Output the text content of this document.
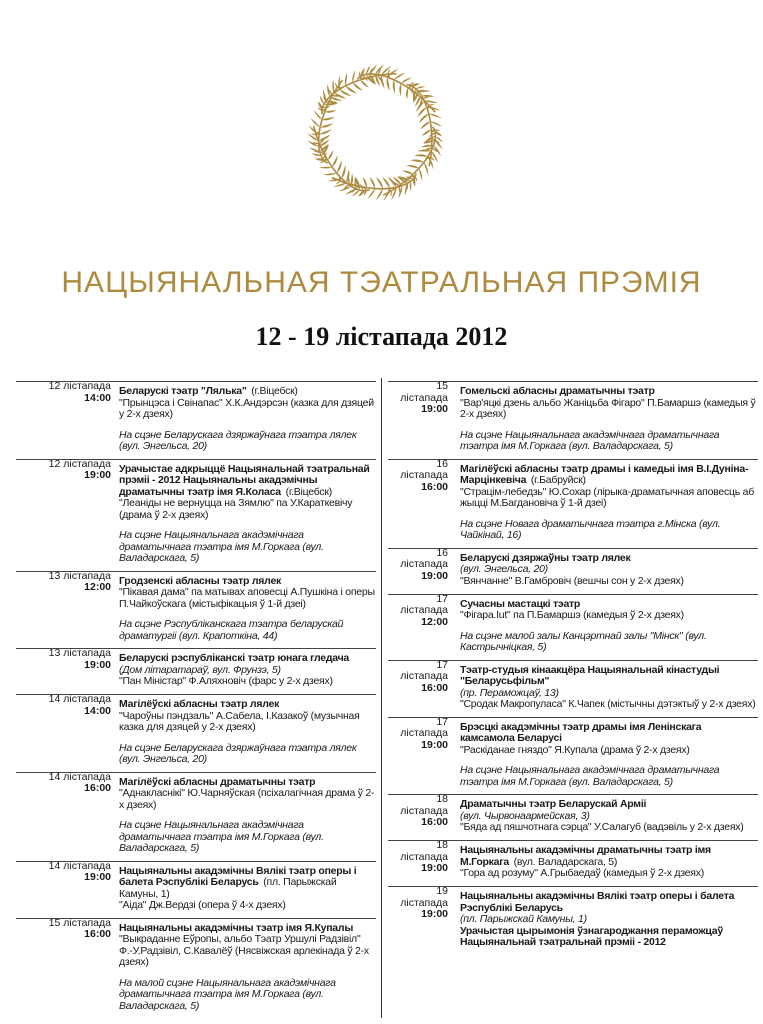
НАЦЫЯНАЛЬНАЯ ТЭАТРАЛЬНАЯ ПРЭМІЯ
12 - 19 лістапада 2012
12 лістапада
14:00
Беларускі тэатр "Лялька" (г.Віцебск)
"Прынцэса і Свінапас" Х.К.Андэрсэн (казка для дзяцей у 2-х дзеях)
На сцэне Беларускага дзяржаўнага тэатра лялек (вул. Энгельса, 20)
12 лістапада
19:00
Урачыстае адкрыццё Нацыянальнай тэатральнай прэміі - 2012 Нацыянальны акадэмічны драматычны тэатр імя Я.Коласа (г.Віцебск)
"Леаніды не вернуцца на Зямлю" па У.Караткевічу (драма ў 2-х дзеях)
На сцэне Нацыянальнага акадэмічнага драматычнага тэатра імя М.Горкага (вул. Валадарскага, 5)
13 лістапада
12:00
Гродзенскі абласны тэатр лялек
"Пікавая дама" па матывах аповесці А.Пушкіна і оперы П.Чайкоўскага (містыфікацыя ў 1-й дзеі)
На сцэне Рэспубліканскага тэатра беларускай драматургіі (вул. Крапоткіна, 44)
13 лістапада
19:00
Беларускі рэспубліканскі тэатр юнага гледача
(Дом літаратараў, вул. Фрунзэ, 5)
"Пан Міністар" Ф.Аляхновіч (фарс у 2-х дзеях)
14 лістапада
14:00
Магілёўскі абласны тэатр лялек
"Чароўны пэндзаль" А.Сабела, І.Казакоў (музычная казка для дзяцей у 2-х дзеях)
На сцэне Беларускага дзяржаўнага тэатра лялек (вул. Энгельса, 20)
14 лістапада
16:00
Магілёўскі абласны драматычны тэатр
"Аднакласнікі" Ю.Чарняўская (псіхалагічная драма ў 2-х дзеях)
На сцэне Нацыянальнага акадэмічнага драматычнага тэатра імя М.Горкага (вул. Валадарскага, 5)
14 лістапада
19:00
Нацыянальны акадэмічны Вялікі тэатр оперы і балета Рэспублікі Беларусь (пл. Парыжскай Камуны, 1)
"Аіда" Дж.Вердзі (опера ў 4-х дзеях)
15 лістапада
16:00
Нацыянальны акадэмічны тэатр імя Я.Купалы
"Выкраданне Еўропы, альбо Тэатр Уршулі Радзівіл" Ф.-У.Радзівіл, С.Кавалёў (Нясвіжская арлекінада ў 2-х дзеях)
На малой сцэне Нацыянальнага акадэмічнага драматычнага тэатра імя М.Горкага (вул. Валадарскага, 5)
15 лістапада
19:00
Гомельскі абласны драматычны тэатр
"Вар'яцкі дзень альбо Жаніцьба Фігаро" П.Бамаршэ (камедыя ў 2-х дзеях)
На сцэне Нацыянальнага акадэмічнага драматычнага тэатра імя М.Горкага (вул. Валадарскага, 5)
16 лістапада
16:00
Магілёўскі абласны тэатр драмы і камедыі імя В.І.Дуніна-Марцінкевіча (г.Бабруйск)
"Страцім-лебедзь" Ю.Сохар (лірыка-драматычная аповесць аб жыцці М.Багдановіча ў 1-й дзеі)
На сцэне Новага драматычнага тэатра г.Мінска (вул. Чайкінай, 16)
16 лістапада
19:00
Беларускі дзяржаўны тэатр лялек
(вул. Энгельса, 20)
"Вянчанне" В.Гамбровіч (вешчы сон у 2-х дзеях)
17 лістапада
12:00
Сучасны мастацкі тэатр
"Фігара.Іut" па П.Бамаршэ (камедыя ў 2-х дзеях)
На сцэне малой залы Канцэртнай залы "Мінск" (вул. Кастрычніцкая, 5)
17 лістапада
16:00
Тэатр-студыя кінаакцёра Нацыянальнай кінастудыі "Беларусьфільм"
(пр. Пераможцаў, 13)
"Сродак Макропуласа" К.Чапек (містычны дэтэктыў у 2-х дзеях)
17 лістапада
19:00
Брэсцкі акадэмічны тэатр драмы імя Ленінскага камсамола Беларусі
"Раскіданае гняздо" Я.Купала (драма ў 2-х дзеях)
На сцэне Нацыянальнага акадэмічнага драматычнага тэатра імя М.Горкага (вул. Валадарскага, 5)
18 лістапада
16:00
Драматычны тэатр Беларускай Арміі
(вул. Чырвонаармейская, 3)
"Бяда ад пяшчотнага сэрца" У.Салагуб (вадэвіль у 2-х дзеях)
18 лістапада
19:00
Нацыянальны акадэмічны драматычны тэатр імя М.Горкага (вул. Валадарскага, 5)
"Гора ад розуму" А.Грыбаедаў (камедыя ў 2-х дзеях)
19 лістапада
19:00
Нацыянальны акадэмічны Вялікі тэатр оперы і балета Рэспублікі Беларусь
(пл. Парыжскай Камуны, 1)
Урачыстая цырымонія ўзнагароджання пераможцаў Нацыянальнай тэатральнай прэміі - 2012
